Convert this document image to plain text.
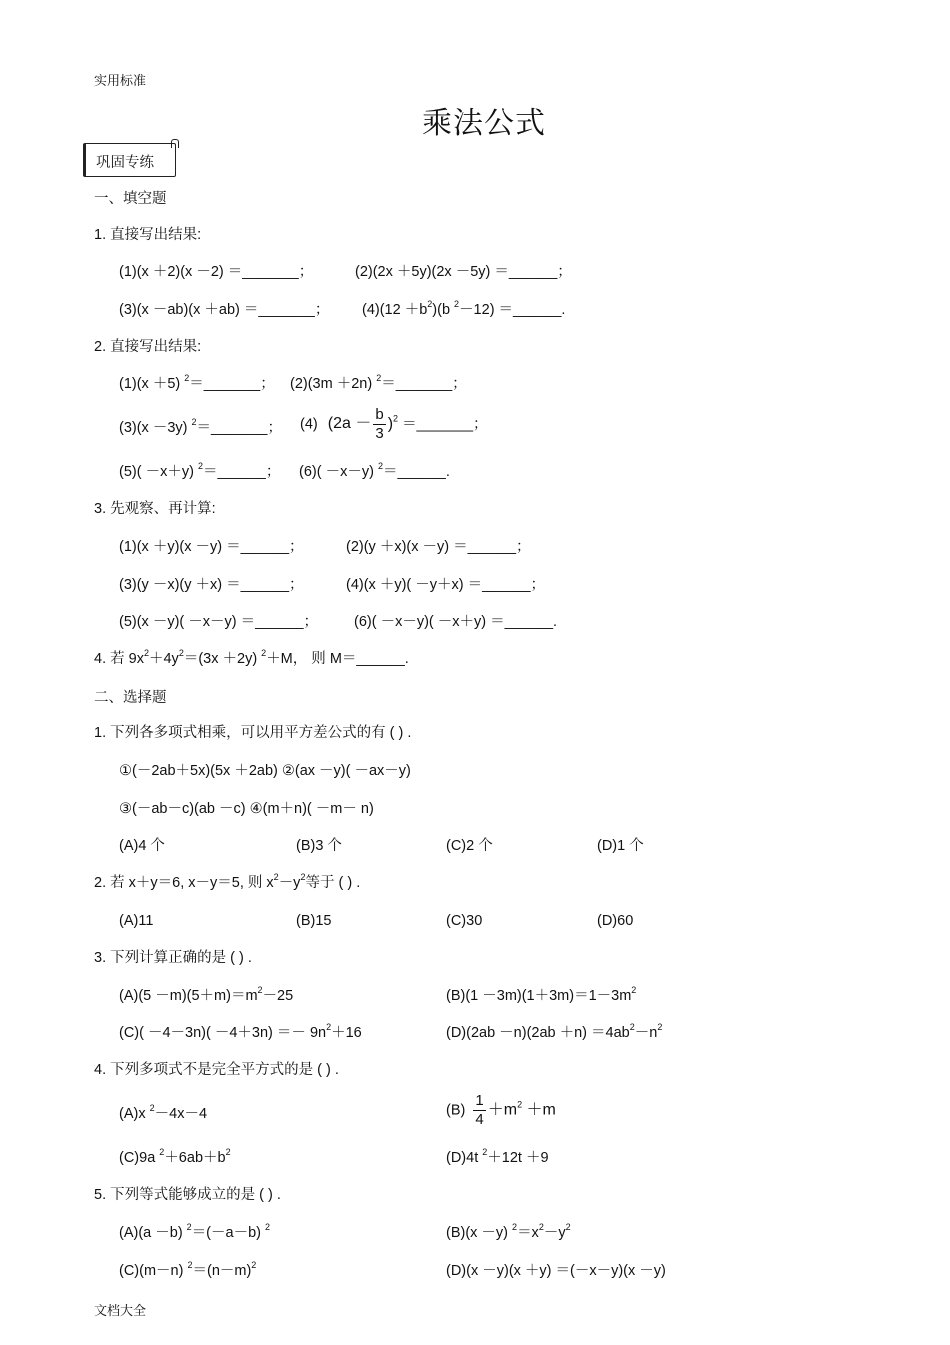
实用标准
文档大全
乘法公式
巩固专练
一、填空题
1. 直接写出结果:
(1)(x ＋2)(x －2) ＝_______；	(2)(2x ＋5y)(2x －5y) ＝______；
(3)(x －ab)(x ＋ab) ＝_______； $(4)(12 +b^2)(b$ $^2$－12) ＝______.
2. 直接写出结果:
(1)(x ＋5) $^2$＝_______； (2)(3m ＋2n) $^2$＝_______；
(3)(x －3y) $^2$＝_______； (4) $(2a - \frac{b}{3} )^2$ ＝_______；
(5)( －x＋y) $^2$＝______； (6)( －x－y) $^2$＝______.
3. 先观察、再计算:
(1)(x ＋y)(x －y) ＝______；	(2)(y ＋x)(x －y) ＝______；
(3)(y －x)(y ＋x) ＝______；	(4)(x ＋y)( －y＋x) ＝______；
(5)(x －y)( －x－y) ＝______； (6)( －x－y)( －x＋y) ＝______.
4. 若 $9x^2+4y^2=(3x +2y)$ $^2$＋M， 则 M＝______.
二、选择题
1. 下列各多项式相乘，可以用平方差公式的有 ( ) .
①(－2ab＋5x)(5x ＋2ab) ②(ax －y)( －ax－y)
③(－ab－c)(ab －c) ④(m＋n)( －m－ n)
(A)4 个	(B)3 个	(C)2 个	(D)1 个
2. 若 x＋y＝6, x－y＝5, 则 $x^2-y^2$等于 ( ) .
(A)11	(B)15	(C)30	(D)60
3. 下列计算正确的是 ( ) .
$(A)(5 -m)(5+m)=m^2-25$	$(B)(1 -3m)(1+3m)=1-3m^2$
$(C)( -4-3n)( -4+3n) =- 9n^2+16$	$(D)(2ab -n)(2ab +n) =4ab^2-n^2$
4. 下列多项式不是完全平方式的是 ( ) .
(A)x $^2$－4x－4	$(B) \frac{1}{4} +m^2 +m$
(C)9a $^2+6ab+b^2$	(D)4t $^2$＋12t ＋9
5. 下列等式能够成立的是 ( ) .
(A)(a －b) $^2$＝(－a－b) $^2$	(B)(x －y) $^2=x^2-y^2$
(C)(m－n) $^2=(n-m)^2$	(D)(x －y)(x ＋y) ＝(－x－y)(x －y)
